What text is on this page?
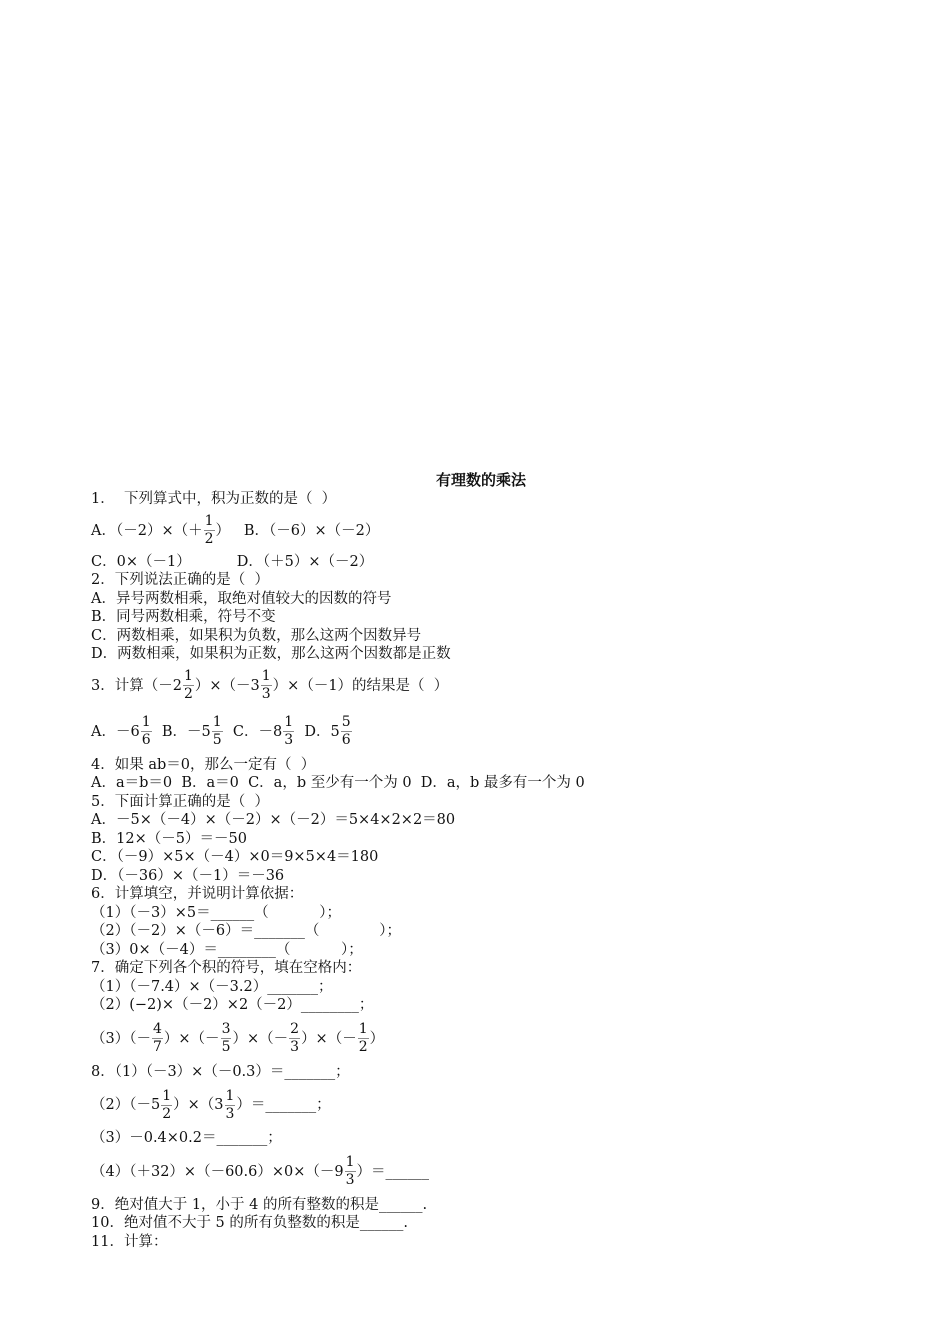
有理数的乘法
1．  下列算式中，积为正数的是（  ）
A．$(-2)\times(+ \frac{1}{2}$ ）   B．（－6）×（－2）
C．0×（－1）          D．（＋5）×（－2）
2．下列说法正确的是（  ）
A．异号两数相乘，取绝对值较大的因数的符号
B．同号两数相乘，符号不变
C．两数相乘，如果积为负数，那么这两个因数异号
D．两数相乘，如果积为正数，那么这两个因数都是正数
3．计算$(-2 \frac{1}{2} )\times(-3 \frac{1}{3} )\times(-1)$的结果是（  ）
A．$-6 \frac{1}{6}$ B．$-5 \frac{1}{5}$ C．$-8 \frac{1}{3}$ D．$5 \frac{5}{6}$
4．如果 ab＝0，那么一定有（  ）
A．a＝b＝0  B．a＝0  C．a，b 至少有一个为 0  D．a，b 最多有一个为 0
5．下面计算正确的是（  ）
A．－5×（－4）×（－2）×（－2）＝5×4×2×2＝80
B．12×（－5）＝－50
C．（－9）×5×（－4）×0＝9×5×4＝180
D．（－36）×（－1）＝－36
6．计算填空，并说明计算依据：
（1）（－3）×5＝______（           ）；
（2）（－2）×（－6）＝_______（             ）；
（3）0×（－4）＝________（           ）；
7．确定下列各个积的符号，填在空格内：
（1）（－7.4）×（－3.2）_______；
（2）(−2)×（－2）×2（－2）________；
$(3)(- \frac{4}{7}$ ）×（－ $\frac{3}{5}$ ）×（－ $\frac{2}{3}$ ）×（－ $\frac{1}{2}$ ）
8．（1）（－3）×（－0.3）＝_______；
$(2)(-5 \frac{1}{2} )\times(3 \frac{1}{3}$ ）＝_______；
（3）－0.4×0.2＝_______；
$(4)(+32)\times(-60.6)\times 0\times(-9 \frac{1}{3}$ ）＝______
9．绝对值大于 1，小于 4 的所有整数的积是______.
10．绝对值不大于 5 的所有负整数的积是______.
11．计算：
